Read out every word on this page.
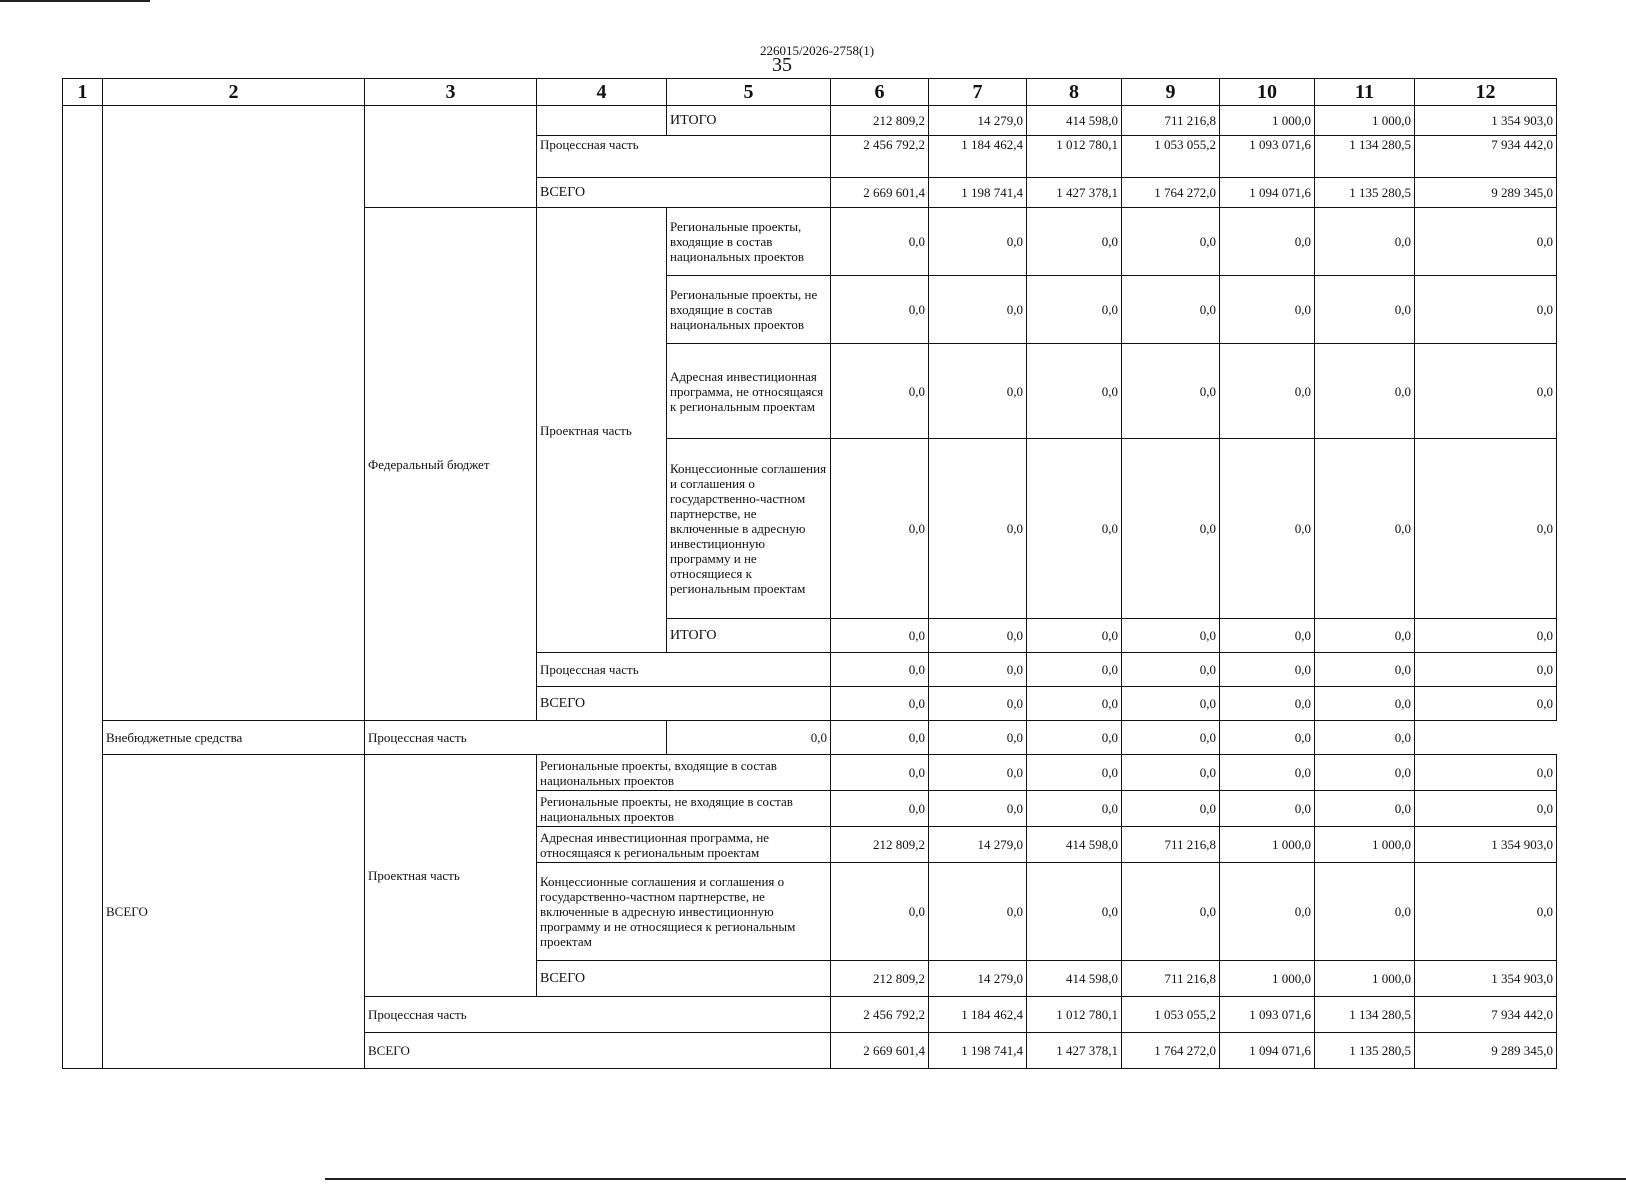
226015/2026-2758(1)
35
1	2	3	4	5	6	7	8	9	10	11	12
				ИТОГО	212 809,2	14 279,0	414 598,0	711 216,8	1 000,0	1 000,0	1 354 903,0
			Процессная часть		2 456 792,2	1 184 462,4	1 012 780,1	1 053 055,2	1 093 071,6	1 134 280,5	7 934 442,0
			ВСЕГО		2 669 601,4	1 198 741,4	1 427 378,1	1 764 272,0	1 094 071,6	1 135 280,5	9 289 345,0
		Федеральный бюджет	Проектная часть	Региональные проекты, входящие в состав национальных проектов	0,0	0,0	0,0	0,0	0,0	0,0	0,0
				Региональные проекты, не входящие в состав национальных проектов	0,0	0,0	0,0	0,0	0,0	0,0	0,0
				Адресная инвестиционная программа, не относящаяся к региональным проектам	0,0	0,0	0,0	0,0	0,0	0,0	0,0
				Концессионные соглашения и соглашения о государственно-частном партнерстве, не включенные в адресную инвестиционную программу и не относящиеся к региональным проектам	0,0	0,0	0,0	0,0	0,0	0,0	0,0
				ИТОГО	0,0	0,0	0,0	0,0	0,0	0,0	0,0
			Процессная часть		0,0	0,0	0,0	0,0	0,0	0,0	0,0
			ВСЕГО		0,0	0,0	0,0	0,0	0,0	0,0	0,0
	Внебюджетные средства	Процессная часть		0,0	0,0	0,0	0,0	0,0	0,0	0,0	
	ВСЕГО	Проектная часть	Региональные проекты, входящие в состав национальных проектов		0,0	0,0	0,0	0,0	0,0	0,0	0,0
			Региональные проекты, не входящие в состав национальных проектов		0,0	0,0	0,0	0,0	0,0	0,0	0,0
			Адресная инвестиционная программа, не относящаяся к региональным проектам		212 809,2	14 279,0	414 598,0	711 216,8	1 000,0	1 000,0	1 354 903,0
			Концессионные соглашения и соглашения о государственно-частном партнерстве, не включенные в адресную инвестиционную программу и не относящиеся к региональным проектам		0,0	0,0	0,0	0,0	0,0	0,0	0,0
			ВСЕГО		212 809,2	14 279,0	414 598,0	711 216,8	1 000,0	1 000,0	1 354 903,0
		Процессная часть			2 456 792,2	1 184 462,4	1 012 780,1	1 053 055,2	1 093 071,6	1 134 280,5	7 934 442,0
		ВСЕГО			2 669 601,4	1 198 741,4	1 427 378,1	1 764 272,0	1 094 071,6	1 135 280,5	9 289 345,0
